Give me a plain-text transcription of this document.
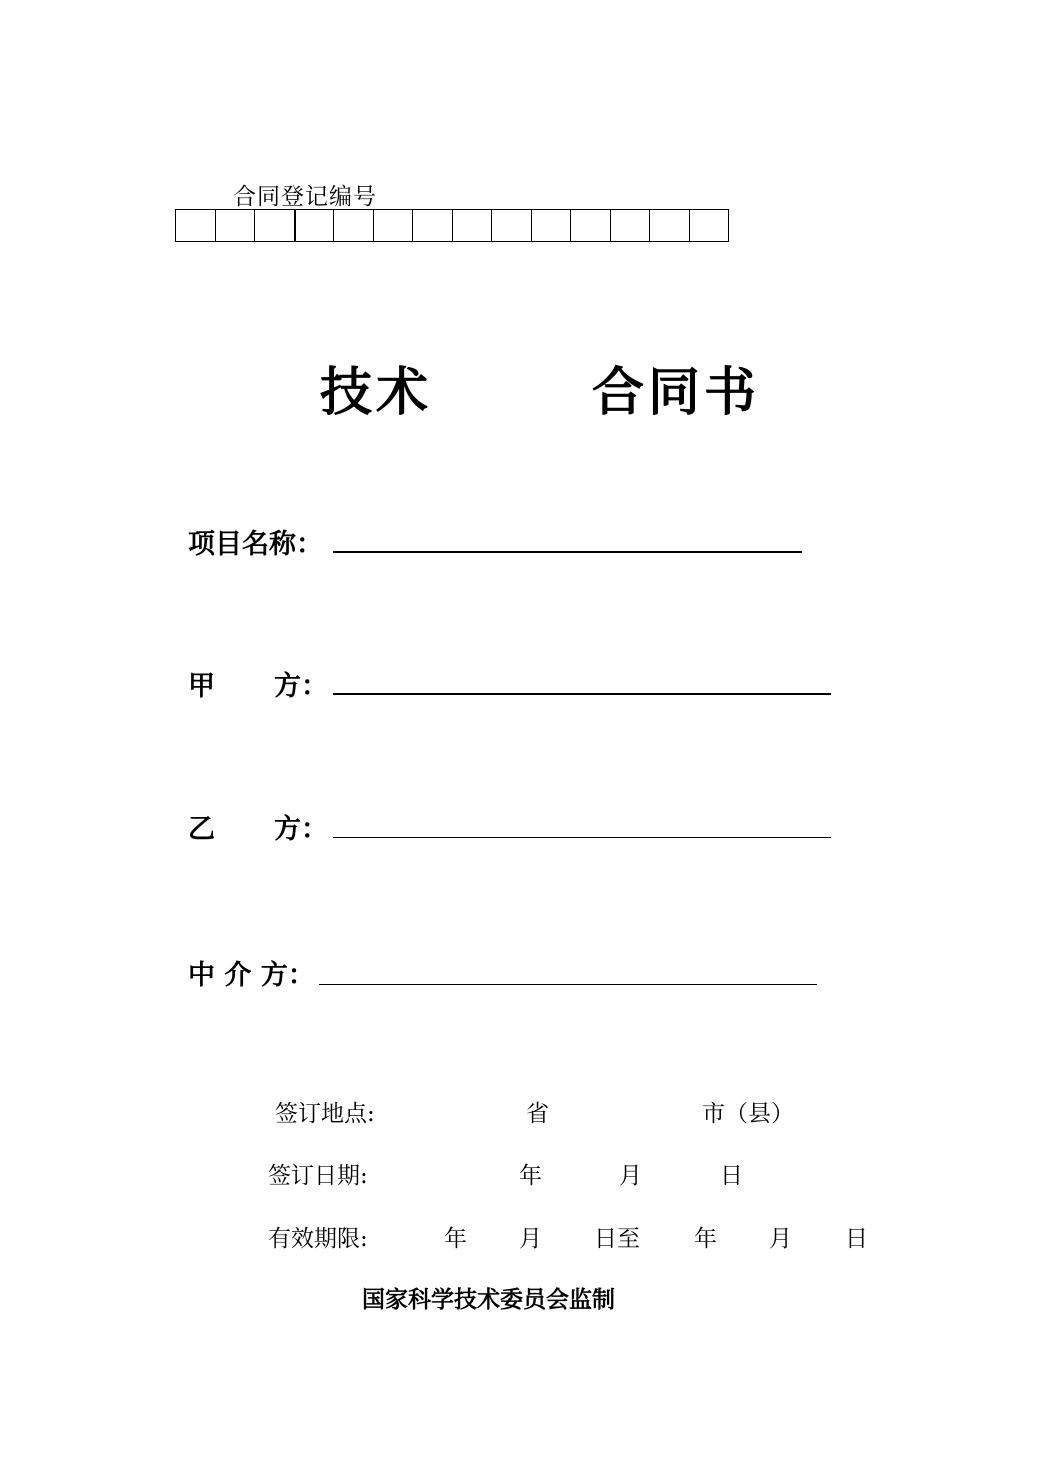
合同登记编号
技术	合同书
项目名称：
甲 方：
乙 方：
中 介 方：
签订地点:	省	市（县）
签订日期:	年	月	日
有效期限:	年 月 日至 年 月 日
国家科学技术委员会监制
